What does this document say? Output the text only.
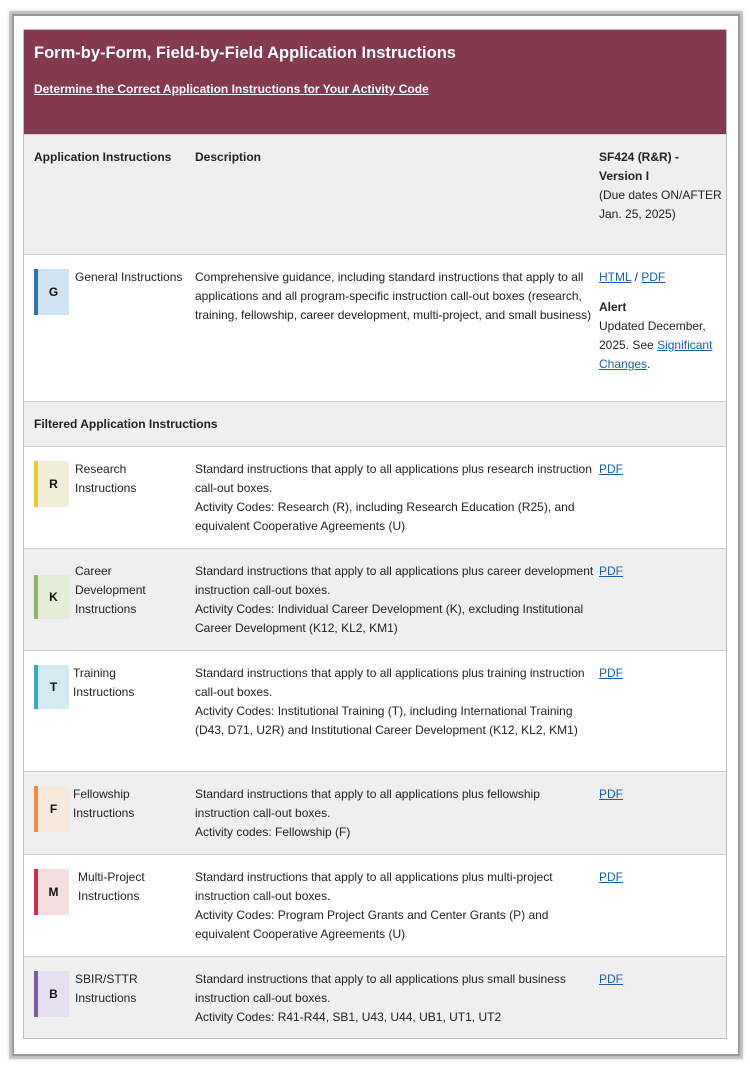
Form-by-Form, Field-by-Field Application Instructions
Determine the Correct Application Instructions for Your Activity Code
Application Instructions	Description	SF424 (R&R) - Version I
(Due dates ON/AFTER Jan. 25, 2025)
G
General Instructions Comprehensive guidance, including standard instructions that apply to all applications and all program-specific instruction call-out boxes (research, training, fellowship, career development, multi-project, and small business)
HTML / PDF
Alert
Updated December, 2025. See Significant Changes.
Filtered Application Instructions
R
Research Instructions
Standard instructions that apply to all applications plus research instruction call-out boxes.
Activity Codes: Research (R), including Research Education (R25), and equivalent Cooperative Agreements (U)
PDF
K
Career Development Instructions
Standard instructions that apply to all applications plus career development instruction call-out boxes.
Activity Codes: Individual Career Development (K), excluding Institutional Career Development (K12, KL2, KM1)
PDF
T
Training Instructions
Standard instructions that apply to all applications plus training instruction call-out boxes.
Activity Codes: Institutional Training (T), including International Training (D43, D71, U2R) and Institutional Career Development (K12, KL2, KM1)
PDF
F
Fellowship Instructions
Standard instructions that apply to all applications plus fellowship instruction call-out boxes.
Activity codes: Fellowship (F)
PDF
M
Multi-Project Instructions
Standard instructions that apply to all applications plus multi-project instruction call-out boxes.
Activity Codes: Program Project Grants and Center Grants (P) and equivalent Cooperative Agreements (U)
PDF
B
SBIR/STTR Instructions
Standard instructions that apply to all applications plus small business instruction call-out boxes.
Activity Codes: R41-R44, SB1, U43, U44, UB1, UT1, UT2
PDF
